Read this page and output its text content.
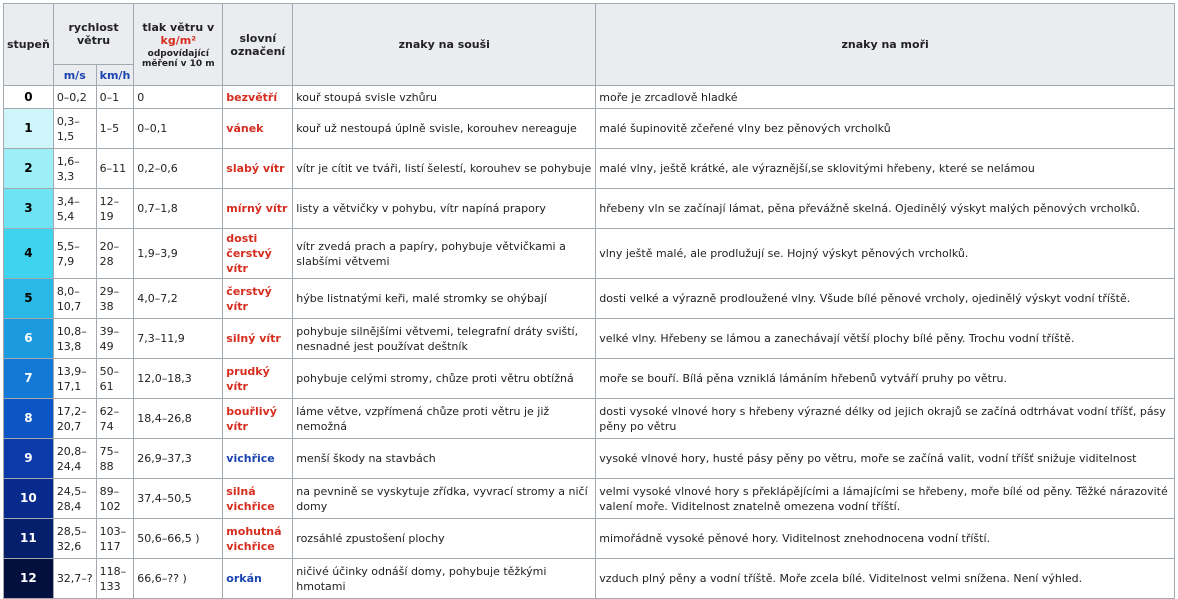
stupeň	rychlost větru		tlak větru v
kg/m²
odpovídající měření v 10 m	slovní označení	znaky na souši	znaky na moři
	m/s	km/h				
0	0–0,2	0–1	0	bezvětří	kouř stoupá svisle vzhůru	moře je zrcadlově hladké
1	0,3–1,5	1–5	0–0,1	vánek	kouř už nestoupá úplně svisle, korouhev nereaguje	malé šupinovitě zčeřené vlny bez pěnových vrcholků
2	1,6–3,3	6–11	0,2–0,6	slabý vítr	vítr je cítit ve tváři, listí šelestí, korouhev se pohybuje	malé vlny, ještě krátké, ale výraznější,se sklovitými hřebeny, které se nelámou
3	3,4–5,4	12–19	0,7–1,8	mírný vítr	listy a větvičky v pohybu, vítr napíná prapory	hřebeny vln se začínají lámat, pěna převážně skelná. Ojedinělý výskyt malých pěnových vrcholků.
4	5,5–7,9	20–28	1,9–3,9	dosti čerstvý vítr	vítr zvedá prach a papíry, pohybuje větvičkami a slabšími větvemi	vlny ještě malé, ale prodlužují se. Hojný výskyt pěnových vrcholků.
5	8,0–10,7	29–38	4,0–7,2	čerstvý vítr	hýbe listnatými keři, malé stromky se ohýbají	dosti velké a výrazně prodloužené vlny. Všude bílé pěnové vrcholy, ojedinělý výskyt vodní tříště.
6	10,8–13,8	39–49	7,3–11,9	silný vítr	pohybuje silnějšími větvemi, telegrafní dráty sviští, nesnadné jest používat deštník	velké vlny. Hřebeny se lámou a zanechávají větší plochy bílé pěny. Trochu vodní tříště.
7	13,9–17,1	50–61	12,0–18,3	prudký vítr	pohybuje celými stromy, chůze proti větru obtížná	moře se bouří. Bílá pěna vzniklá lámáním hřebenů vytváří pruhy po větru.
8	17,2–20,7	62–74	18,4–26,8	bouřlivý vítr	láme větve, vzpřímená chůze proti větru je již nemožná	dosti vysoké vlnové hory s hřebeny výrazné délky od jejich okrajů se začíná odtrhávat vodní tříšť, pásy pěny po větru
9	20,8–24,4	75–88	26,9–37,3	vichřice	menší škody na stavbách	vysoké vlnové hory, husté pásy pěny po větru, moře se začíná valit, vodní tříšť snižuje viditelnost
10	24,5–28,4	89–102	37,4–50,5	silná vichřice	na pevnině se vyskytuje zřídka, vyvrací stromy a ničí domy	velmi vysoké vlnové hory s překlápějícími a lámajícími se hřebeny, moře bílé od pěny. Těžké nárazovité valení moře. Viditelnost znatelně omezena vodní tříští.
11	28,5–32,6	103–117	50,6–66,5 )	mohutná vichřice	rozsáhlé zpustošení plochy	mimořádně vysoké pěnové hory. Viditelnost znehodnocena vodní tříští.
12	32,7–?	118–133	66,6–?? )	orkán	ničivé účinky odnáší domy, pohybuje těžkými hmotami	vzduch plný pěny a vodní tříště. Moře zcela bílé. Viditelnost velmi snížena. Není výhled.
